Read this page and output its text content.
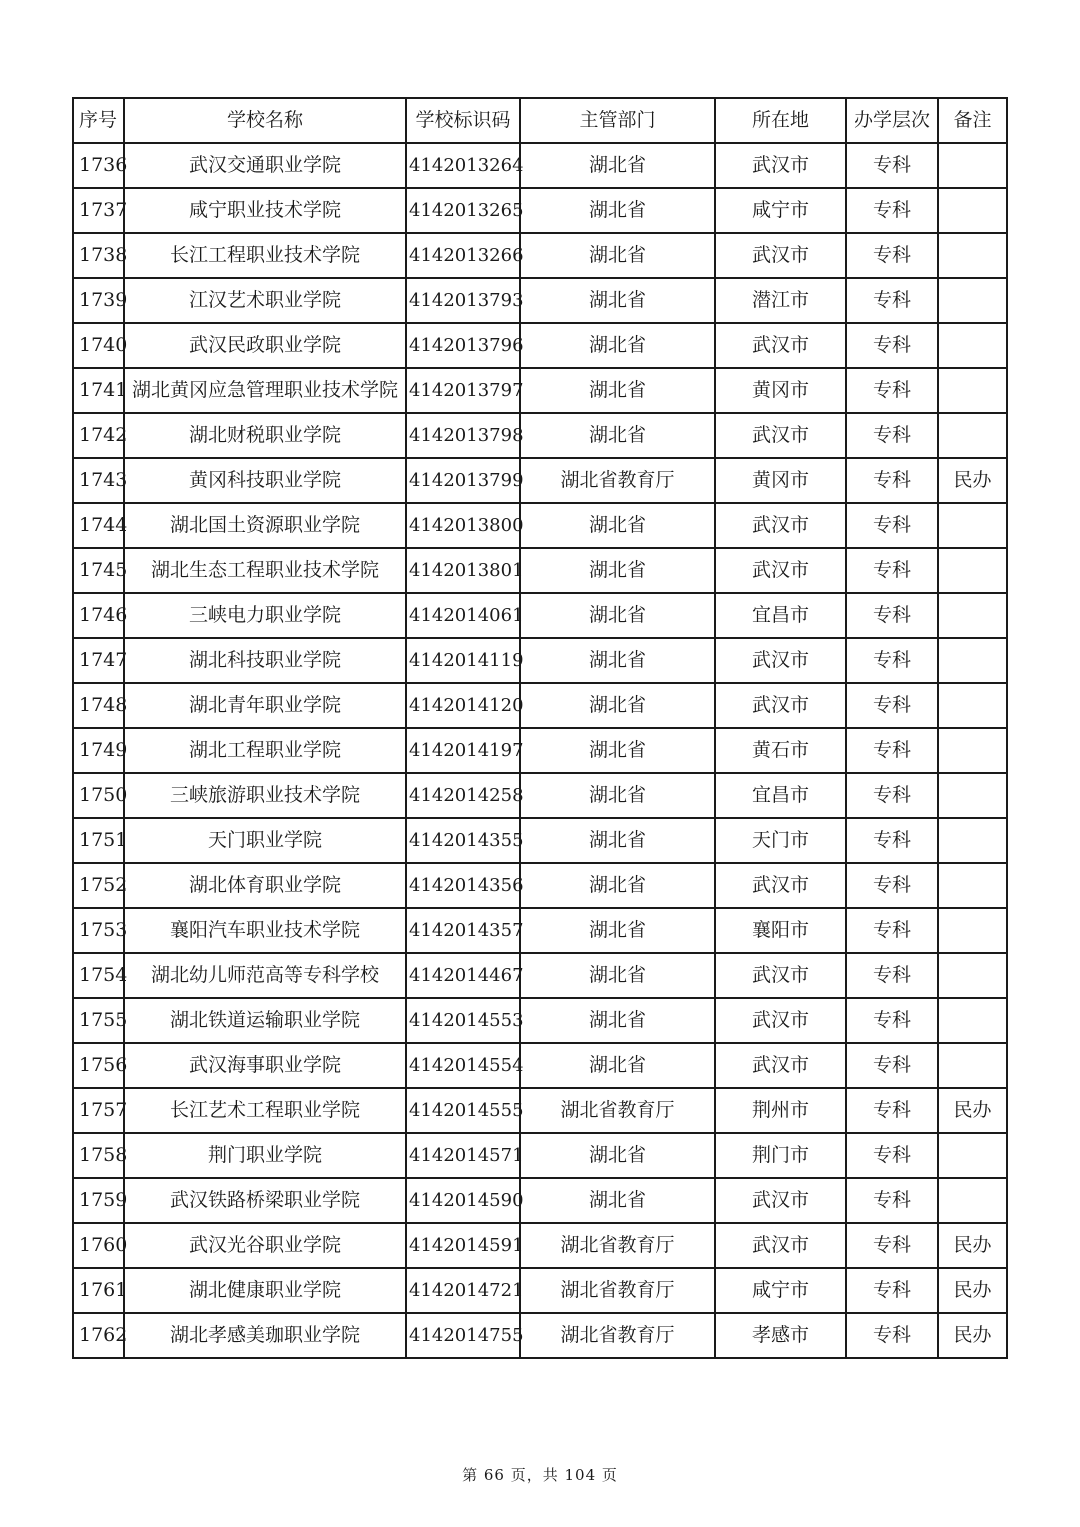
序号	学校名称	学校标识码	主管部门	所在地	办学层次	备注
1736	武汉交通职业学院	4142013264	湖北省	武汉市	专科	
1737	咸宁职业技术学院	4142013265	湖北省	咸宁市	专科	
1738	长江工程职业技术学院	4142013266	湖北省	武汉市	专科	
1739	江汉艺术职业学院	4142013793	湖北省	潜江市	专科	
1740	武汉民政职业学院	4142013796	湖北省	武汉市	专科	
1741	湖北黄冈应急管理职业技术学院	4142013797	湖北省	黄冈市	专科	
1742	湖北财税职业学院	4142013798	湖北省	武汉市	专科	
1743	黄冈科技职业学院	4142013799	湖北省教育厅	黄冈市	专科	民办
1744	湖北国土资源职业学院	4142013800	湖北省	武汉市	专科	
1745	湖北生态工程职业技术学院	4142013801	湖北省	武汉市	专科	
1746	三峡电力职业学院	4142014061	湖北省	宜昌市	专科	
1747	湖北科技职业学院	4142014119	湖北省	武汉市	专科	
1748	湖北青年职业学院	4142014120	湖北省	武汉市	专科	
1749	湖北工程职业学院	4142014197	湖北省	黄石市	专科	
1750	三峡旅游职业技术学院	4142014258	湖北省	宜昌市	专科	
1751	天门职业学院	4142014355	湖北省	天门市	专科	
1752	湖北体育职业学院	4142014356	湖北省	武汉市	专科	
1753	襄阳汽车职业技术学院	4142014357	湖北省	襄阳市	专科	
1754	湖北幼儿师范高等专科学校	4142014467	湖北省	武汉市	专科	
1755	湖北铁道运输职业学院	4142014553	湖北省	武汉市	专科	
1756	武汉海事职业学院	4142014554	湖北省	武汉市	专科	
1757	长江艺术工程职业学院	4142014555	湖北省教育厅	荆州市	专科	民办
1758	荆门职业学院	4142014571	湖北省	荆门市	专科	
1759	武汉铁路桥梁职业学院	4142014590	湖北省	武汉市	专科	
1760	武汉光谷职业学院	4142014591	湖北省教育厅	武汉市	专科	民办
1761	湖北健康职业学院	4142014721	湖北省教育厅	咸宁市	专科	民办
1762	湖北孝感美珈职业学院	4142014755	湖北省教育厅	孝感市	专科	民办
第 66 页，共 104 页
